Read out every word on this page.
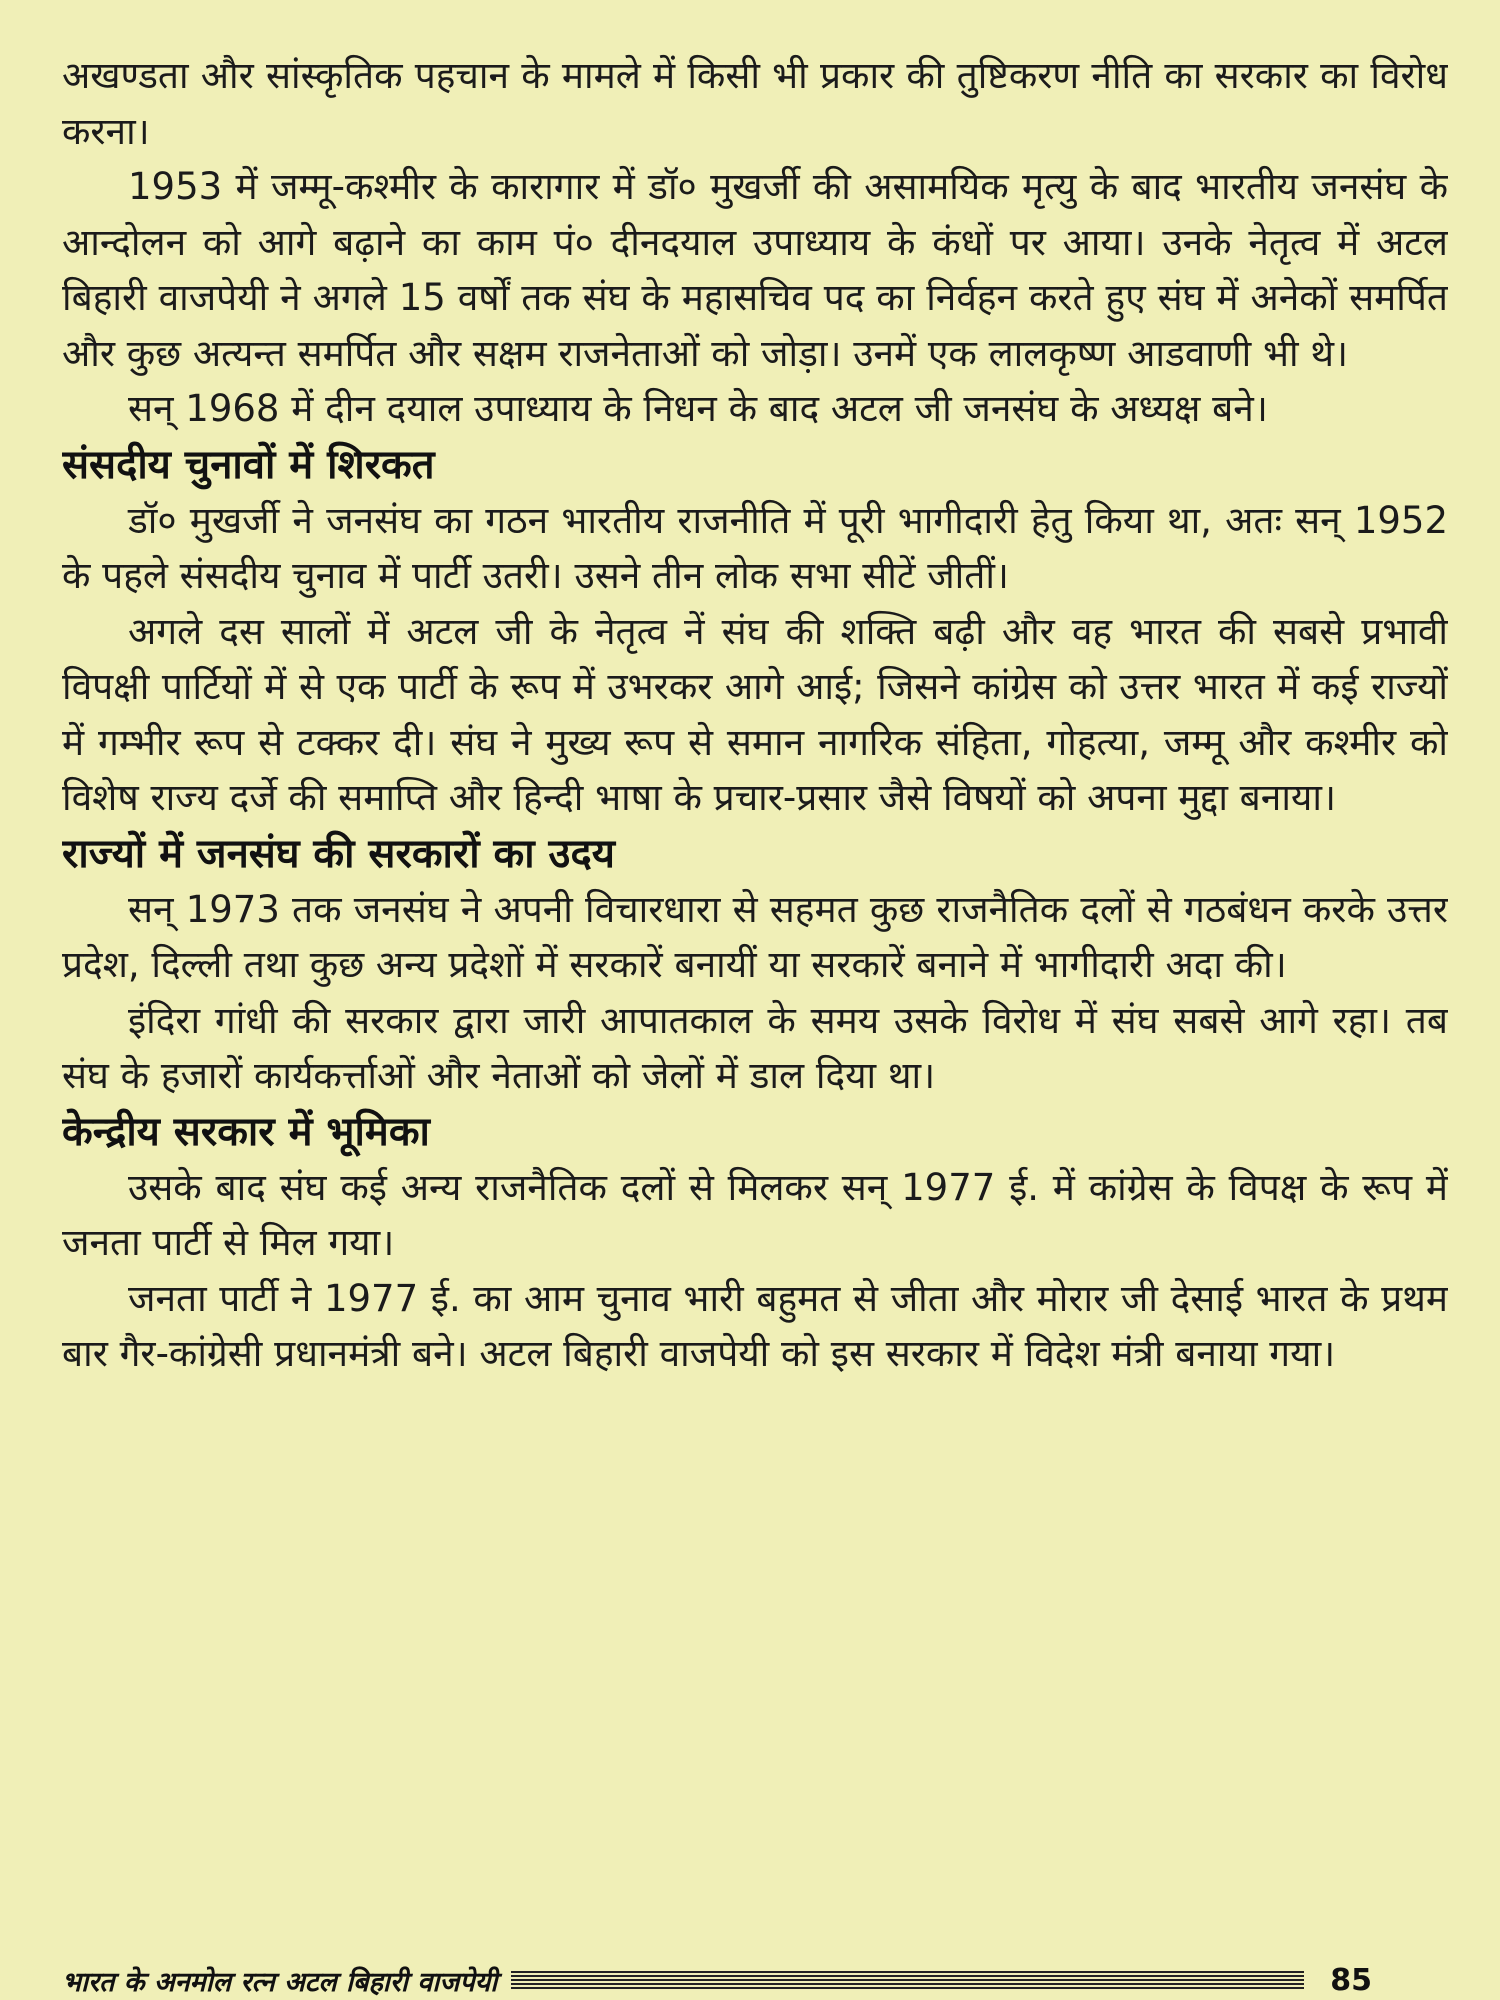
अखण्डता और सांस्कृतिक पहचान के मामले में किसी भी प्रकार की तुष्टिकरण नीति का सरकार का विरोध करना।

1953 में जम्मू-कश्मीर के कारागार में डॉ० मुखर्जी की असामयिक मृत्यु के बाद भारतीय जनसंघ के आन्दोलन को आगे बढ़ाने का काम पं० दीनदयाल उपाध्याय के कंधों पर आया। उनके नेतृत्व में अटल बिहारी वाजपेयी ने अगले 15 वर्षों तक संघ के महासचिव पद का निर्वहन करते हुए संघ में अनेकों समर्पित और कुछ अत्यन्त समर्पित और सक्षम राजनेताओं को जोड़ा। उनमें एक लालकृष्ण आडवाणी भी थे।

सन् 1968 में दीन दयाल उपाध्याय के निधन के बाद अटल जी जनसंघ के अध्यक्ष बने।

संसदीय चुनावों में शिरकत

डॉ० मुखर्जी ने जनसंघ का गठन भारतीय राजनीति में पूरी भागीदारी हेतु किया था, अतः सन् 1952 के पहले संसदीय चुनाव में पार्टी उतरी। उसने तीन लोक सभा सीटें जीतीं।

अगले दस सालों में अटल जी के नेतृत्व नें संघ की शक्ति बढ़ी और वह भारत की सबसे प्रभावी विपक्षी पार्टियों में से एक पार्टी के रूप में उभरकर आगे आई; जिसने कांग्रेस को उत्तर भारत में कई राज्यों में गम्भीर रूप से टक्कर दी। संघ ने मुख्य रूप से समान नागरिक संहिता, गोहत्या, जम्मू और कश्मीर को विशेष राज्य दर्जे की समाप्ति और हिन्दी भाषा के प्रचार-प्रसार जैसे विषयों को अपना मुद्दा बनाया।

राज्यों में जनसंघ की सरकारों का उदय

सन् 1973 तक जनसंघ ने अपनी विचारधारा से सहमत कुछ राजनैतिक दलों से गठबंधन करके उत्तर प्रदेश, दिल्ली तथा कुछ अन्य प्रदेशों में सरकारें बनायीं या सरकारें बनाने में भागीदारी अदा की।

इंदिरा गांधी की सरकार द्वारा जारी आपातकाल के समय उसके विरोध में संघ सबसे आगे रहा। तब संघ के हजारों कार्यकर्त्ताओं और नेताओं को जेलों में डाल दिया था।

केन्द्रीय सरकार में भूमिका

उसके बाद संघ कई अन्य राजनैतिक दलों से मिलकर सन् 1977 ई. में कांग्रेस के विपक्ष के रूप में जनता पार्टी से मिल गया।

जनता पार्टी ने 1977 ई. का आम चुनाव भारी बहुमत से जीता और मोरार जी देसाई भारत के प्रथम बार गैर-कांग्रेसी प्रधानमंत्री बने। अटल बिहारी वाजपेयी को इस सरकार में विदेश मंत्री बनाया गया।

भारत के अनमोल रत्न अटल बिहारी वाजपेयी	85
